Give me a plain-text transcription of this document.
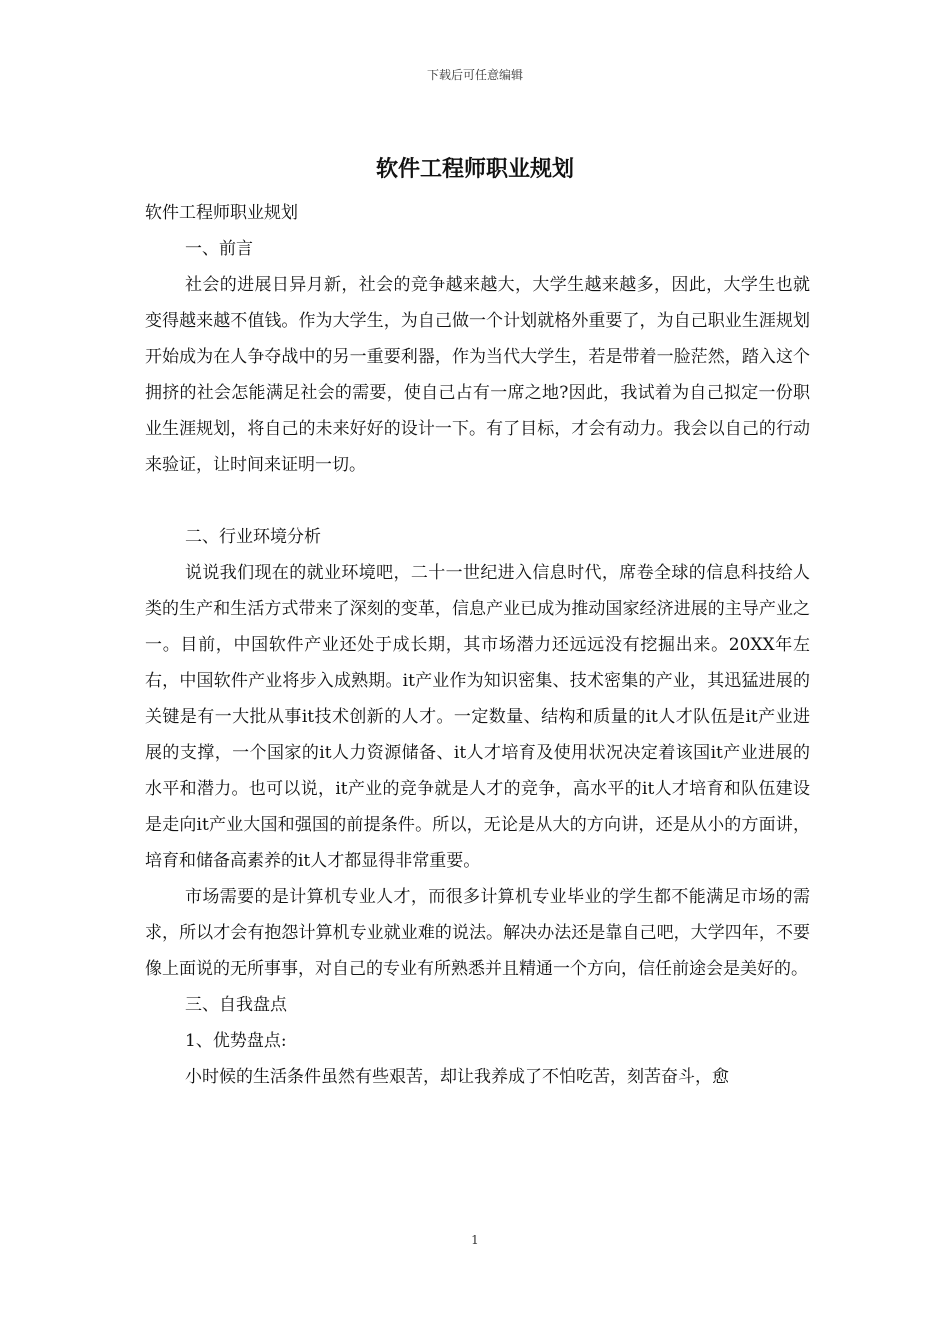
下载后可任意编辑
软件工程师职业规划

软件工程师职业规划

一、前言

社会的进展日异月新，社会的竞争越来越大，大学生越来越多，因此，大学生也就变得越来越不值钱。作为大学生，为自己做一个计划就格外重要了，为自己职业生涯规划开始成为在人争夺战中的另一重要利器，作为当代大学生，若是带着一脸茫然，踏入这个拥挤的社会怎能满足社会的需要，使自己占有一席之地?因此，我试着为自己拟定一份职业生涯规划，将自己的未来好好的设计一下。有了目标，才会有动力。我会以自己的行动来验证，让时间来证明一切。

二、行业环境分析

说说我们现在的就业环境吧，二十一世纪进入信息时代，席卷全球的信息科技给人类的生产和生活方式带来了深刻的变革，信息产业已成为推动国家经济进展的主导产业之一。目前，中国软件产业还处于成长期，其市场潜力还远远没有挖掘出来。20XX年左右，中国软件产业将步入成熟期。it产业作为知识密集、技术密集的产业，其迅猛进展的关键是有一大批从事it技术创新的人才。一定数量、结构和质量的it人才队伍是it产业进展的支撑，一个国家的it人力资源储备、it人才培育及使用状况决定着该国it产业进展的水平和潜力。也可以说，it产业的竞争就是人才的竞争，高水平的it人才培育和队伍建设是走向it产业大国和强国的前提条件。所以，无论是从大的方向讲，还是从小的方面讲，培育和储备高素养的it人才都显得非常重要。

市场需要的是计算机专业人才，而很多计算机专业毕业的学生都不能满足市场的需求，所以才会有抱怨计算机专业就业难的说法。解决办法还是靠自己吧，大学四年，不要像上面说的无所事事，对自己的专业有所熟悉并且精通一个方向，信任前途会是美好的。

三、自我盘点

1、优势盘点:

小时候的生活条件虽然有些艰苦，却让我养成了不怕吃苦，刻苦奋斗，愈

1
